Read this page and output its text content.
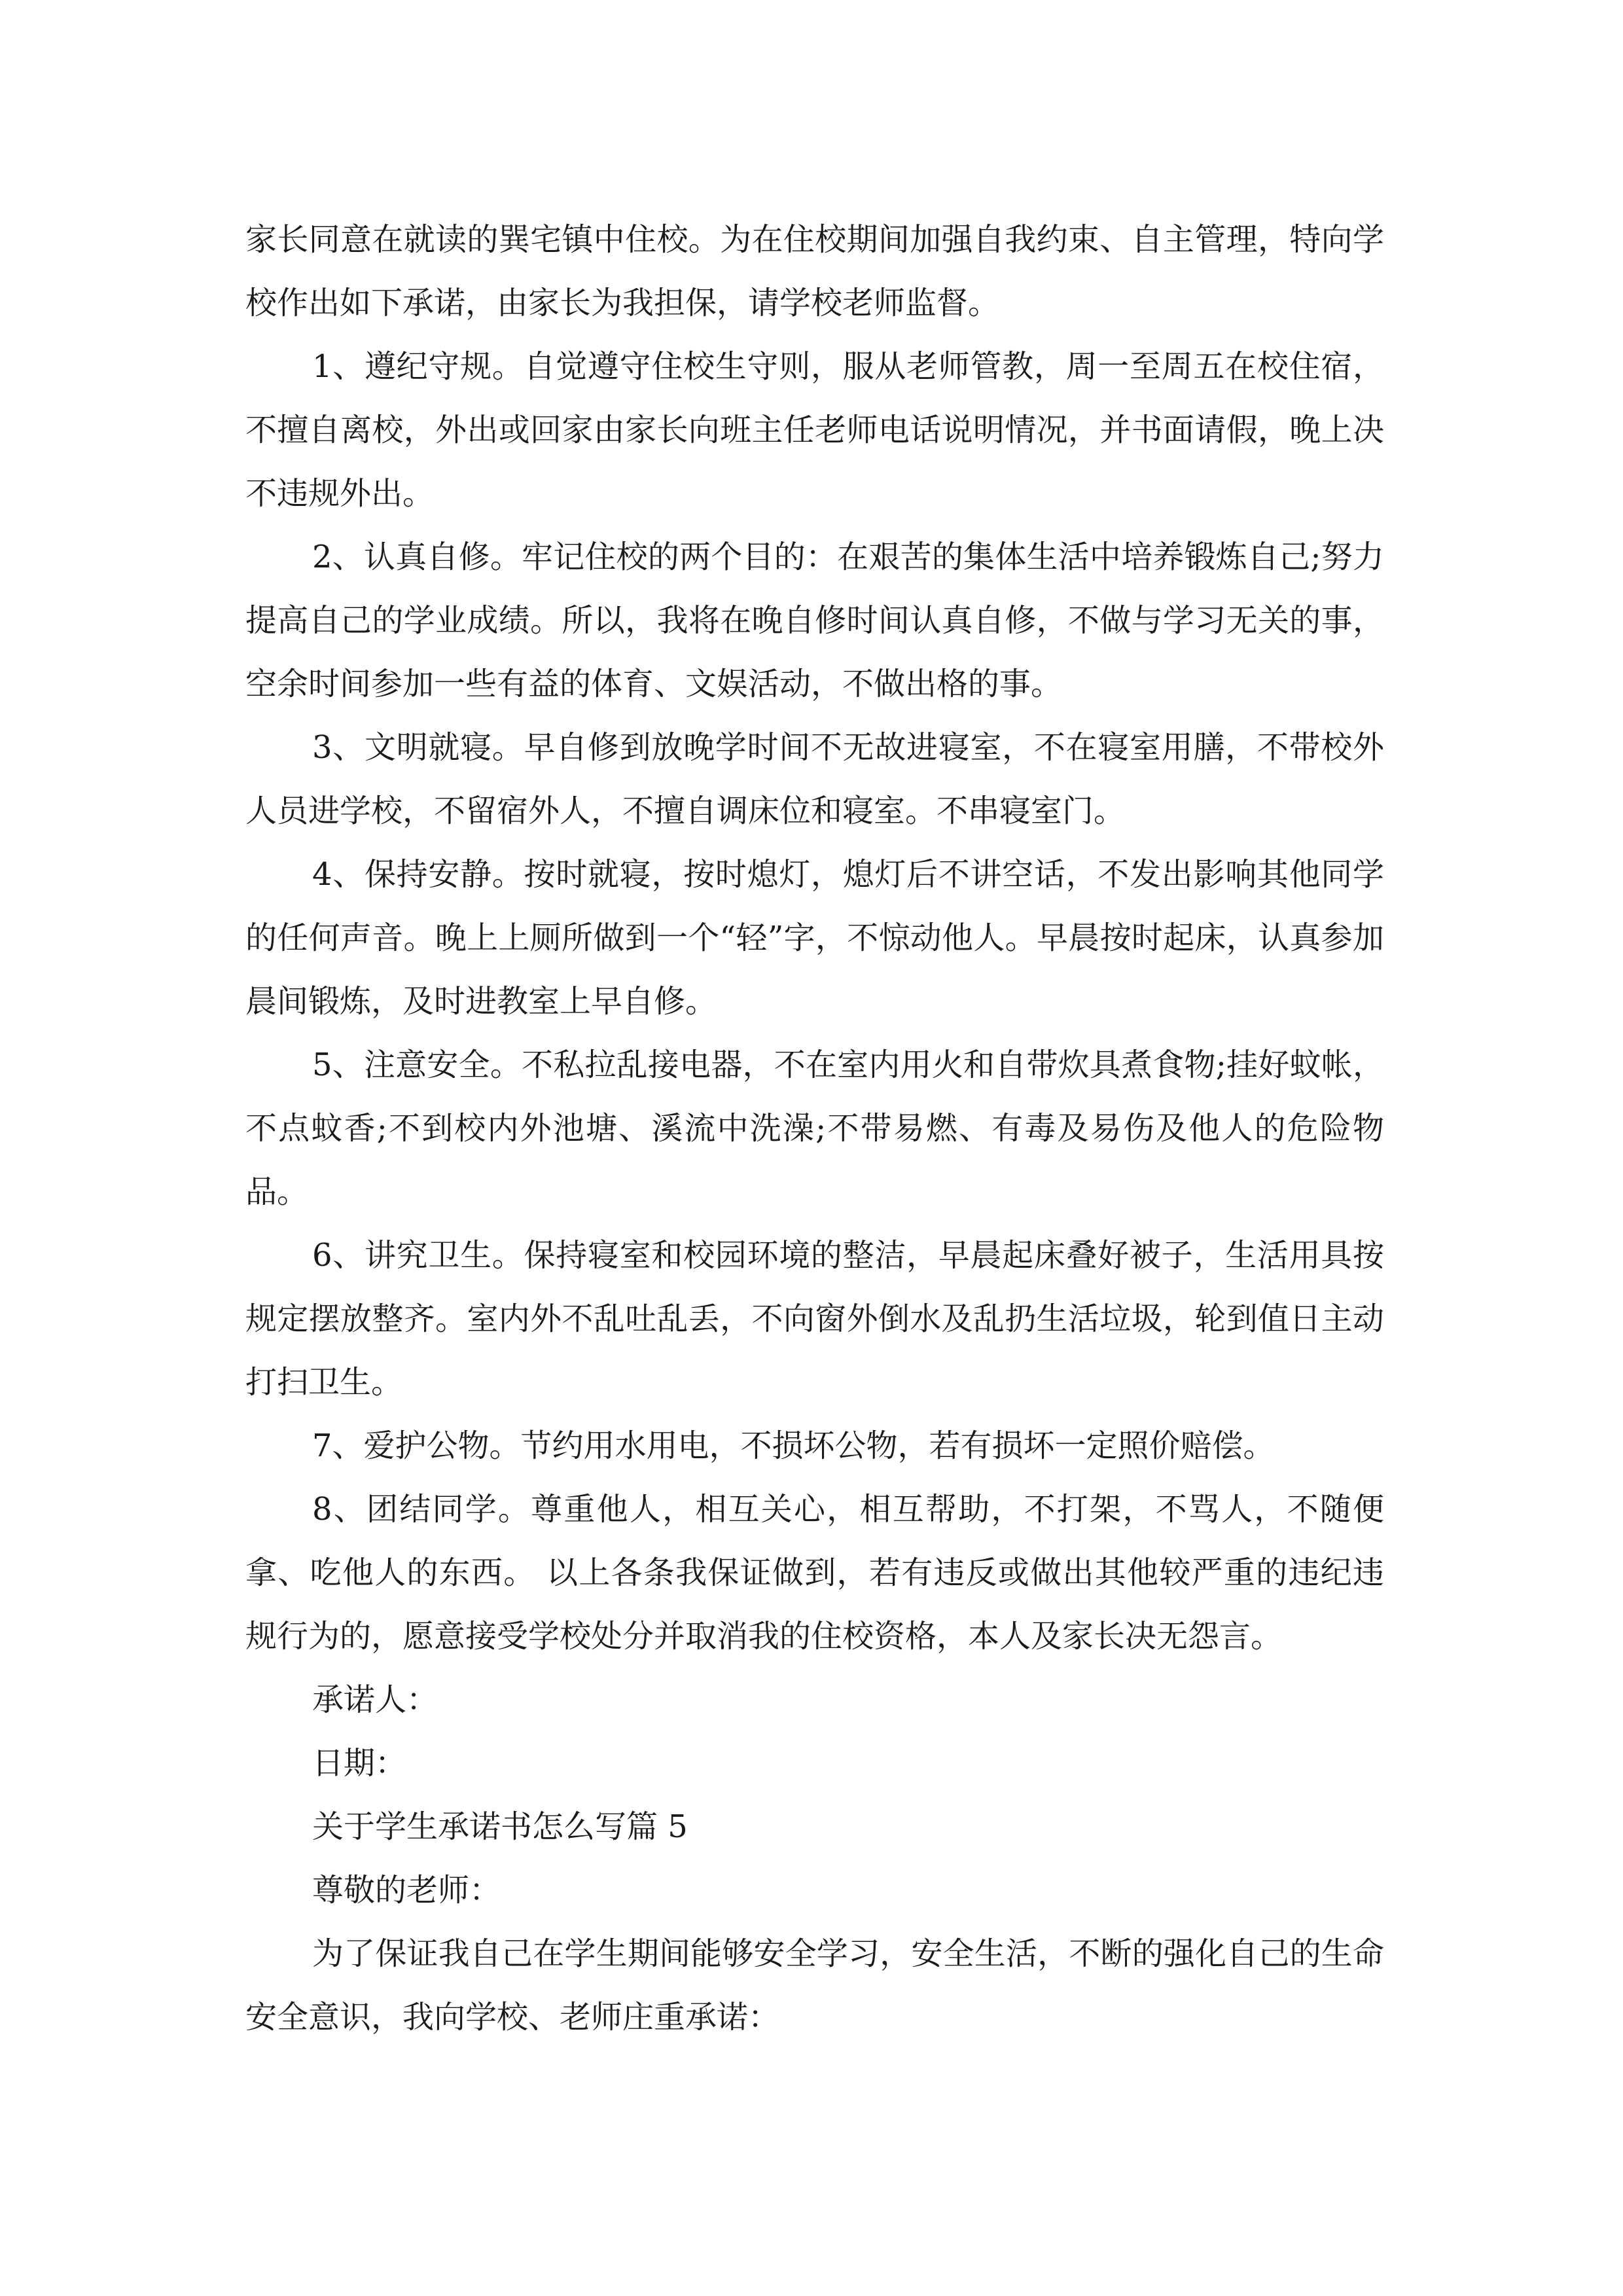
家长同意在就读的巽宅镇中住校。为在住校期间加强自我约束、自主管理，特向学校作出如下承诺，由家长为我担保，请学校老师监督。

1、遵纪守规。自觉遵守住校生守则，服从老师管教，周一至周五在校住宿，不擅自离校，外出或回家由家长向班主任老师电话说明情况，并书面请假，晚上决不违规外出。

2、认真自修。牢记住校的两个目的：在艰苦的集体生活中培养锻炼自己;努力提高自己的学业成绩。所以，我将在晚自修时间认真自修，不做与学习无关的事，空余时间参加一些有益的体育、文娱活动，不做出格的事。

3、文明就寝。早自修到放晚学时间不无故进寝室，不在寝室用膳，不带校外人员进学校，不留宿外人，不擅自调床位和寝室。不串寝室门。

4、保持安静。按时就寝，按时熄灯，熄灯后不讲空话，不发出影响其他同学的任何声音。晚上上厕所做到一个“轻”字，不惊动他人。早晨按时起床，认真参加晨间锻炼，及时进教室上早自修。

5、注意安全。不私拉乱接电器，不在室内用火和自带炊具煮食物;挂好蚊帐，不点蚊香;不到校内外池塘、溪流中洗澡;不带易燃、有毒及易伤及他人的危险物品。

6、讲究卫生。保持寝室和校园环境的整洁，早晨起床叠好被子，生活用具按规定摆放整齐。室内外不乱吐乱丢，不向窗外倒水及乱扔生活垃圾，轮到值日主动打扫卫生。

7、爱护公物。节约用水用电，不损坏公物，若有损坏一定照价赔偿。

8、团结同学。尊重他人，相互关心，相互帮助，不打架，不骂人，不随便拿、吃他人的东西。 以上各条我保证做到，若有违反或做出其他较严重的违纪违规行为的，愿意接受学校处分并取消我的住校资格，本人及家长决无怨言。

承诺人：

日期：

关于学生承诺书怎么写篇 5

尊敬的老师：

为了保证我自己在学生期间能够安全学习，安全生活，不断的强化自己的生命安全意识，我向学校、老师庄重承诺：
